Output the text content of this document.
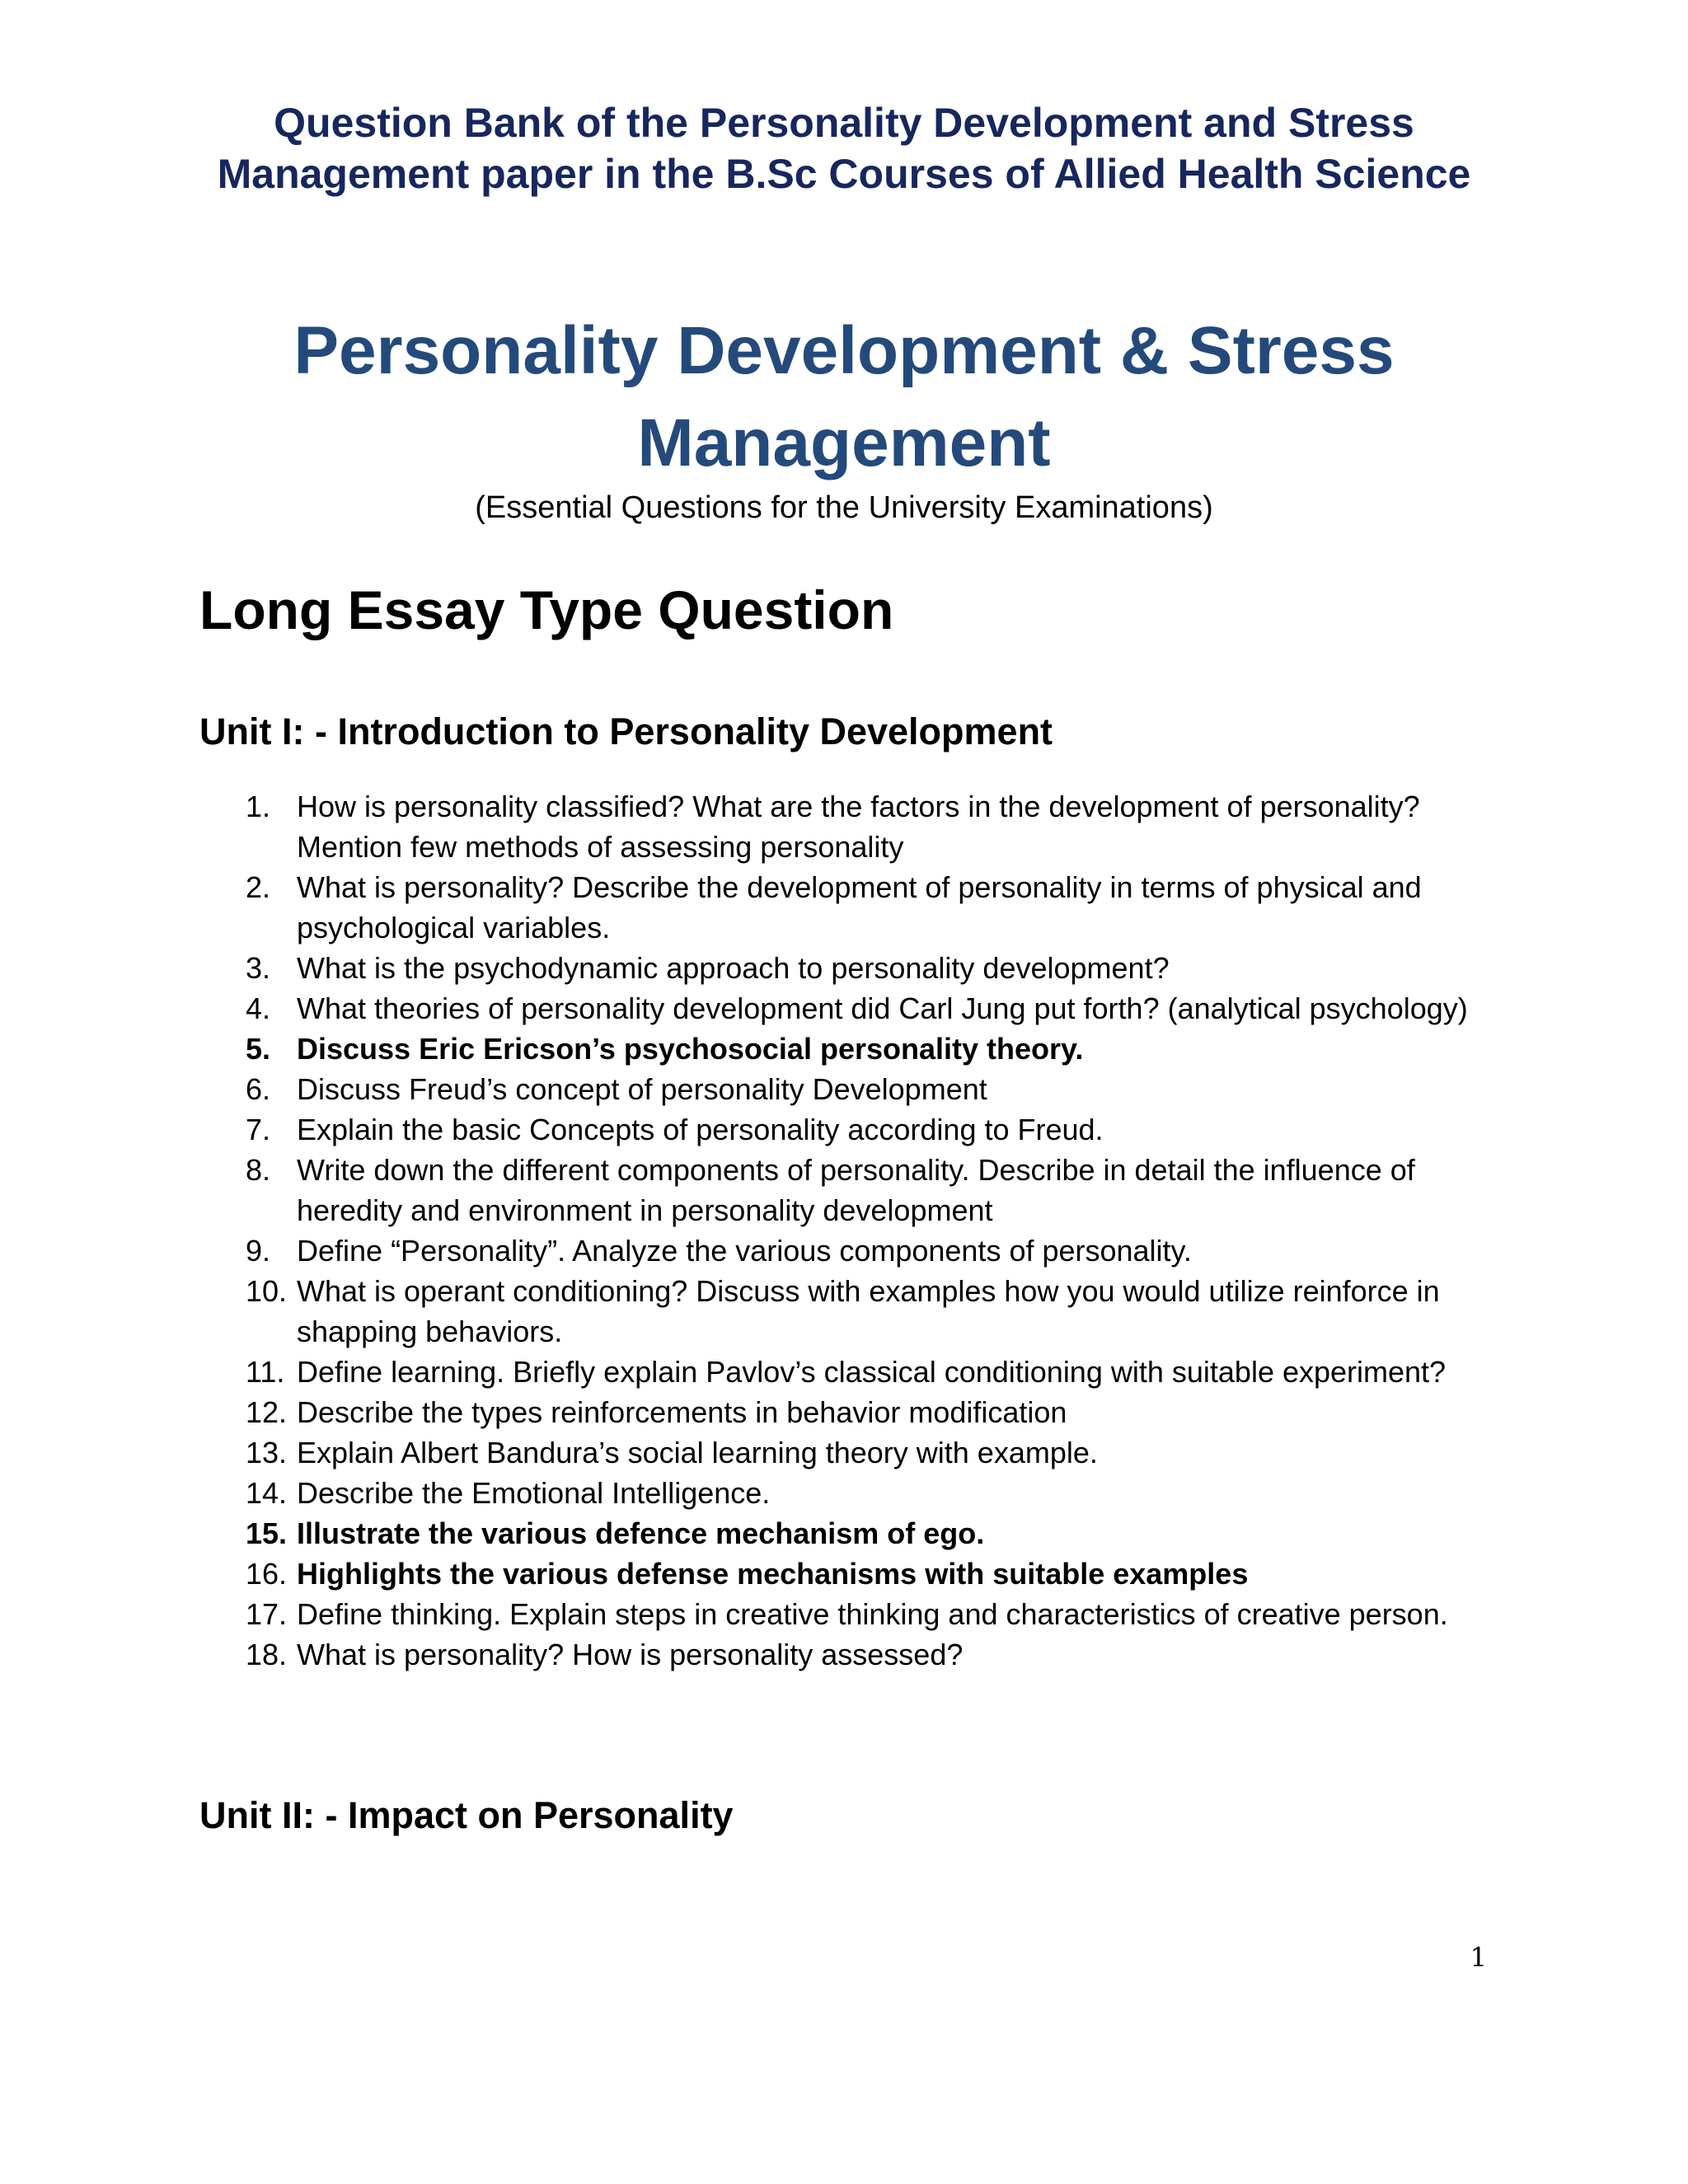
Question Bank of the Personality Development and Stress Management paper in the B.Sc Courses of Allied Health Science

Personality Development & Stress
Management

(Essential Questions for the University Examinations)

Long Essay Type Question
Unit I: - Introduction to Personality Development
1. How is personality classified? What are the factors in the development of personality? Mention few methods of assessing personality
2. What is personality? Describe the development of personality in terms of physical and psychological variables.
3. What is the psychodynamic approach to personality development?
4. What theories of personality development did Carl Jung put forth? (analytical psychology)
5. Discuss Eric Ericson’s psychosocial personality theory.
6. Discuss Freud’s concept of personality Development
7. Explain the basic Concepts of personality according to Freud.
8. Write down the different components of personality. Describe in detail the influence of heredity and environment in personality development
9. Define “Personality”. Analyze the various components of personality.
10. What is operant conditioning? Discuss with examples how you would utilize reinforce in shapping behaviors.
11. Define learning. Briefly explain Pavlov’s classical conditioning with suitable experiment?
12. Describe the types reinforcements in behavior modification
13. Explain Albert Bandura’s social learning theory with example.
14. Describe the Emotional Intelligence.
15. Illustrate the various defence mechanism of ego.
16. Highlights the various defense mechanisms with suitable examples
17. Define thinking. Explain steps in creative thinking and characteristics of creative person.
18. What is personality? How is personality assessed?
Unit II: - Impact on Personality

1
